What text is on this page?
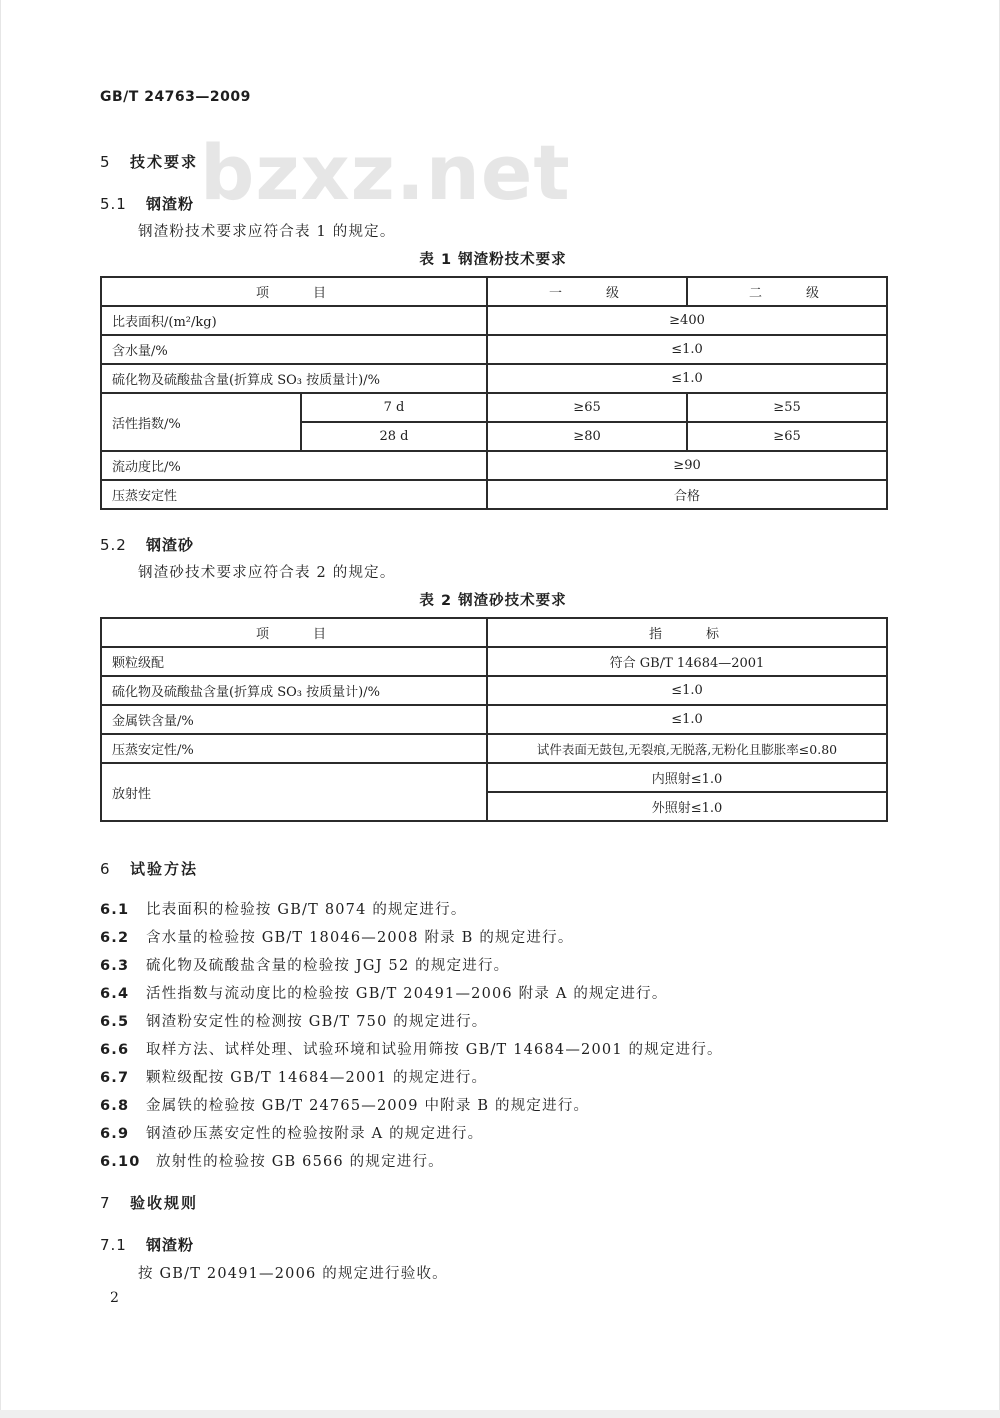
GB/T 24763—2009
bzxz.net
5 技术要求
5.1 钢渣粉
钢渣粉技术要求应符合表 1 的规定。
表 1 钢渣粉技术要求
项　　目		一　　级	二　　级
比表面积/(m²/kg)		≥400	
含水量/%		≤1.0	
硫化物及硫酸盐含量(折算成 SO₃ 按质量计)/%		≤1.0	
活性指数/%	7 d	≥65	≥55
	28 d	≥80	≥65
流动度比/%		≥90	
压蒸安定性		合格	
5.2 钢渣砂
钢渣砂技术要求应符合表 2 的规定。
表 2 钢渣砂技术要求
项　　目	指　　标
颗粒级配	符合 GB/T 14684—2001
硫化物及硫酸盐含量(折算成 SO₃ 按质量计)/%	≤1.0
金属铁含量/%	≤1.0
压蒸安定性/%	试件表面无鼓包,无裂痕,无脱落,无粉化且膨胀率≤0.80
放射性	内照射≤1.0
	外照射≤1.0
6 试验方法
6.1 比表面积的检验按 GB/T 8074 的规定进行。
6.2 含水量的检验按 GB/T 18046—2008 附录 B 的规定进行。
6.3 硫化物及硫酸盐含量的检验按 JGJ 52 的规定进行。
6.4 活性指数与流动度比的检验按 GB/T 20491—2006 附录 A 的规定进行。
6.5 钢渣粉安定性的检测按 GB/T 750 的规定进行。
6.6 取样方法、试样处理、试验环境和试验用筛按 GB/T 14684—2001 的规定进行。
6.7 颗粒级配按 GB/T 14684—2001 的规定进行。
6.8 金属铁的检验按 GB/T 24765—2009 中附录 B 的规定进行。
6.9 钢渣砂压蒸安定性的检验按附录 A 的规定进行。
6.10 放射性的检验按 GB 6566 的规定进行。
7 验收规则
7.1 钢渣粉
按 GB/T 20491—2006 的规定进行验收。
2
